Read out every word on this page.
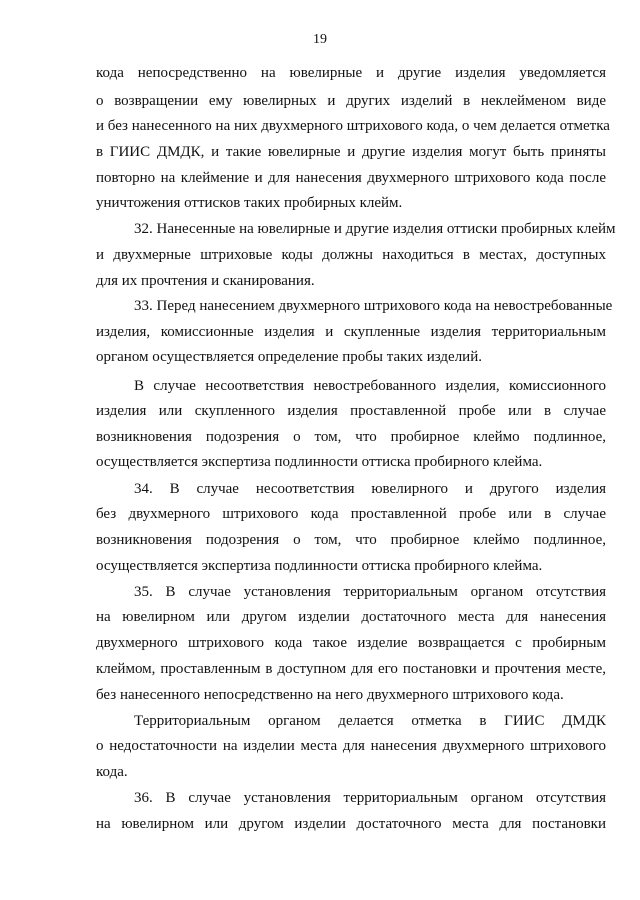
19
кода непосредственно на ювелирные и другие изделия уведомляется
о возвращении ему ювелирных и других изделий в неклейменом виде
и без нанесенного на них двухмерного штрихового кода, о чем делается отметка
в ГИИС ДМДК, и такие ювелирные и другие изделия могут быть приняты
повторно на клеймение и для нанесения двухмерного штрихового кода после
уничтожения оттисков таких пробирных клейм.
32. Нанесенные на ювелирные и другие изделия оттиски пробирных клейм
и двухмерные штриховые коды должны находиться в местах, доступных
для их прочтения и сканирования.
33. Перед нанесением двухмерного штрихового кода на невостребованные
изделия, комиссионные изделия и скупленные изделия территориальным
органом осуществляется определение пробы таких изделий.
В случае несоответствия невостребованного изделия, комиссионного
изделия или скупленного изделия проставленной пробе или в случае
возникновения подозрения о том, что пробирное клеймо подлинное,
осуществляется экспертиза подлинности оттиска пробирного клейма.
34. В случае несоответствия ювелирного и другого изделия
без двухмерного штрихового кода проставленной пробе или в случае
возникновения подозрения о том, что пробирное клеймо подлинное,
осуществляется экспертиза подлинности оттиска пробирного клейма.
35. В случае установления территориальным органом отсутствия
на ювелирном или другом изделии достаточного места для нанесения
двухмерного штрихового кода такое изделие возвращается с пробирным
клеймом, проставленным в доступном для его постановки и прочтения месте,
без нанесенного непосредственно на него двухмерного штрихового кода.
Территориальным органом делается отметка в ГИИС ДМДК
о недостаточности на изделии места для нанесения двухмерного штрихового
кода.
36. В случае установления территориальным органом отсутствия
на ювелирном или другом изделии достаточного места для постановки
